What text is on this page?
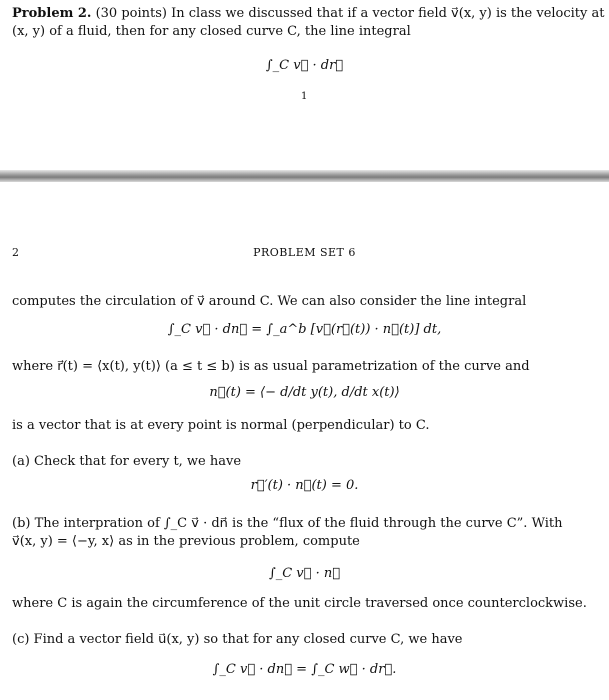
Problem 2. (30 points) In class we discussed that if a vector field v⃗(x, y) is the velocity at
(x, y) of a fluid, then for any closed curve C, the line integral
∫_C v⃗ · dr⃗
1
2	PROBLEM SET 6
computes the circulation of v⃗ around C. We can also consider the line integral
∫_C v⃗ · dn⃗ = ∫_a^b [v⃗(r⃗(t)) · n⃗(t)] dt,
where r⃗(t) = ⟨x(t), y(t)⟩ (a ≤ t ≤ b) is as usual parametrization of the curve and
n⃗(t) = ⟨− d/dt y(t), d/dt x(t)⟩
is a vector that is at every point is normal (perpendicular) to C.
(a) Check that for every t, we have
r⃗′(t) · n⃗(t) = 0.
(b) The interpration of ∫_C v⃗ · dn⃗ is the “flux of the fluid through the curve C”. With
v⃗(x, y) = ⟨−y, x⟩ as in the previous problem, compute
∫_C v⃗ · n⃗
where C is again the circumference of the unit circle traversed once counterclockwise.
(c) Find a vector field u⃗(x, y) so that for any closed curve C, we have
∫_C v⃗ · dn⃗ = ∫_C w⃗ · dr⃗.
